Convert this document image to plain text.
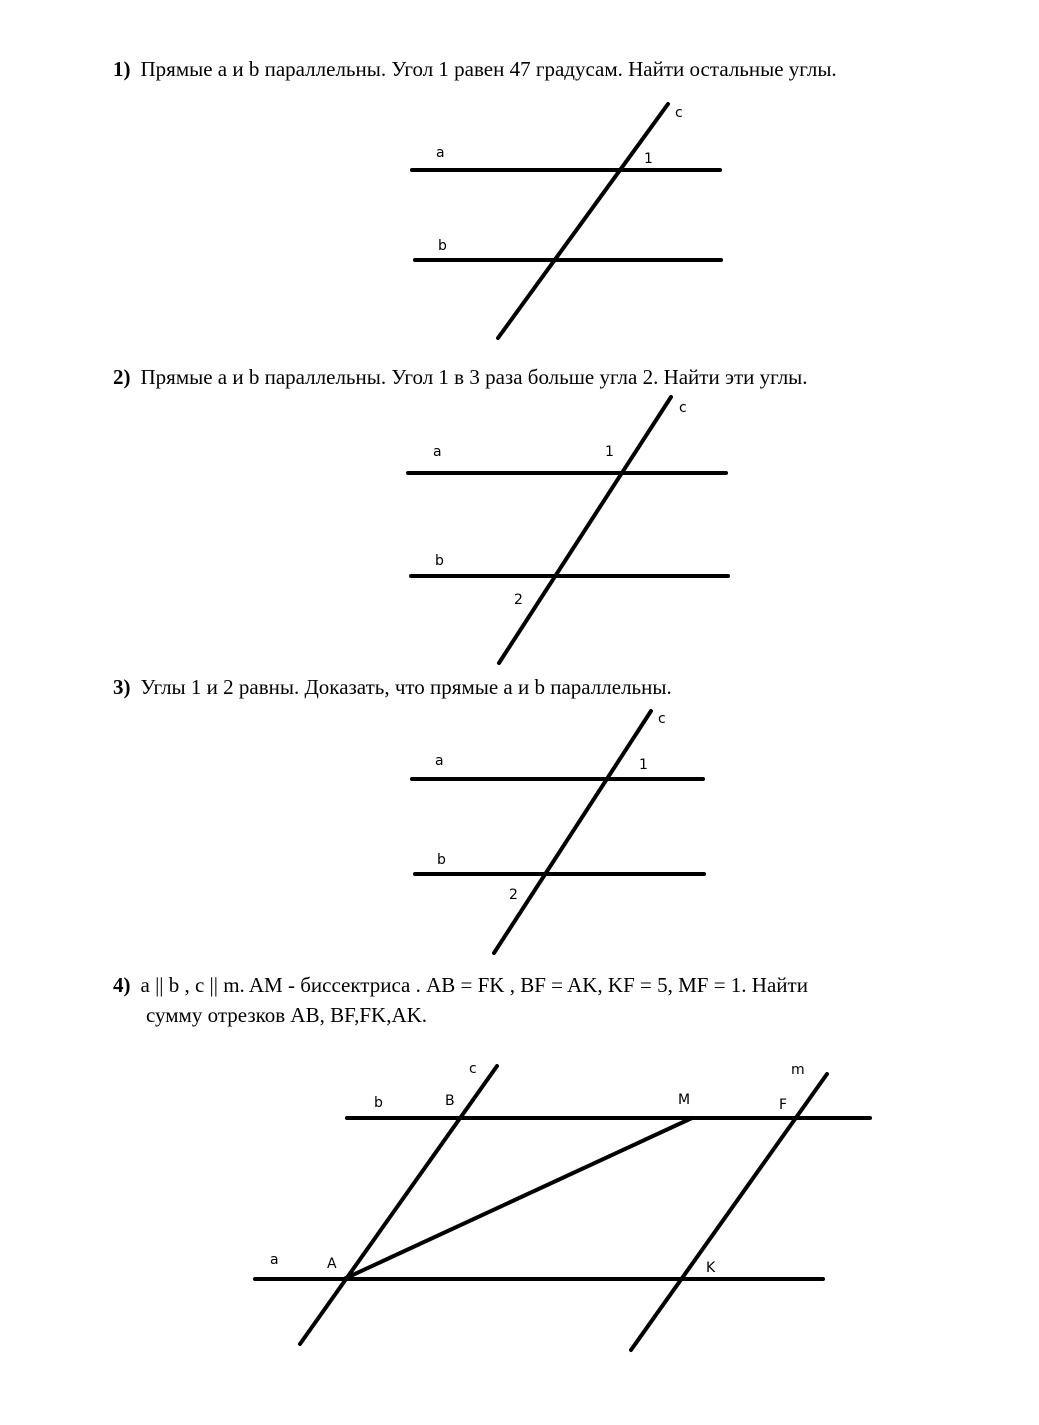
1) Прямые a и b параллельны. Угол 1 равен 47 градусам. Найти остальные углы.
2) Прямые a и b параллельны. Угол 1 в 3 раза больше угла 2. Найти эти углы.
3) Углы 1 и 2 равны. Доказать, что прямые a и b параллельны.
4) a || b , c || m. AM - биссектриса . AB = FK , BF = AK, KF = 5, MF = 1. Найти
сумму отрезков AB, BF,FK,AK.
a
b
c
1
a
b
c
1
2
a
b
c
1
2
b
a
c	m
A
B	M	F
K
